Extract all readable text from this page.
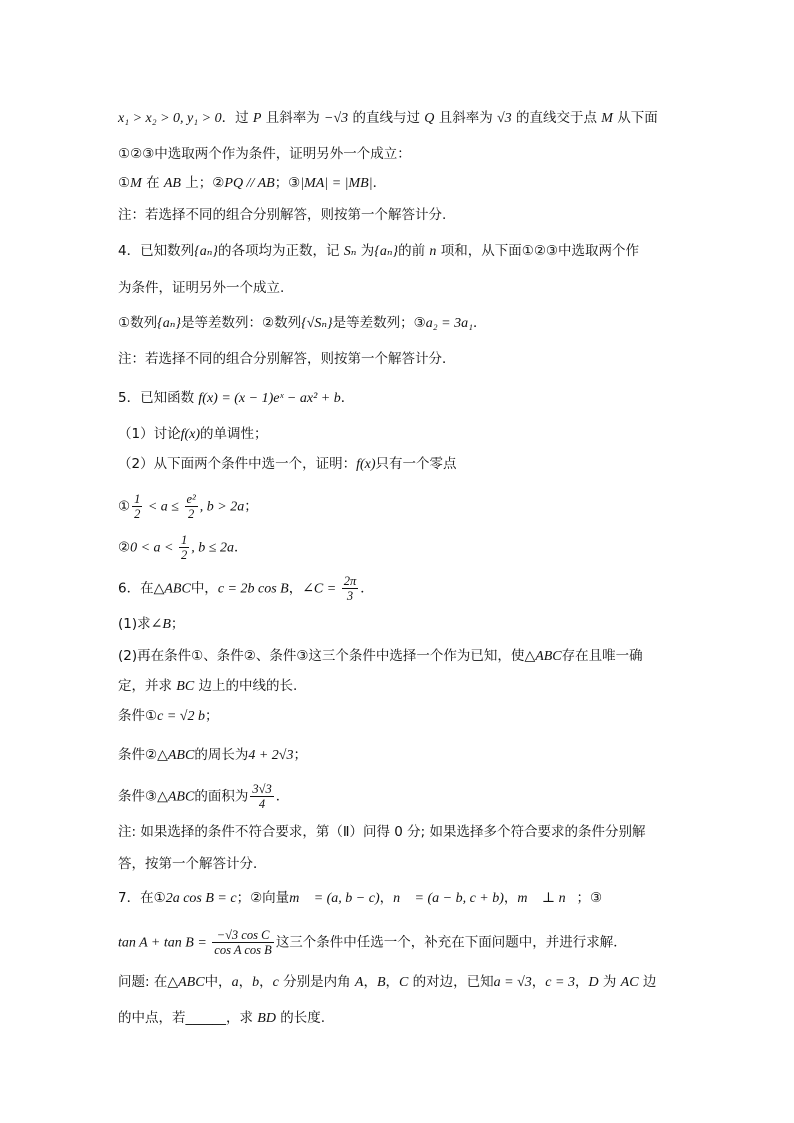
x₁ > x₂ > 0, y₁ > 0．过 P 且斜率为 −√3 的直线与过 Q 且斜率为 √3 的直线交于点 M 从下面
①②③中选取两个作为条件，证明另外一个成立：
①M 在 AB 上；②PQ // AB；③|MA| = |MB|．
注：若选择不同的组合分别解答，则按第一个解答计分.
4．已知数列{aₙ}的各项均为正数，记 Sₙ 为{aₙ}的前 n 项和，从下面①②③中选取两个作
为条件，证明另外一个成立.
①数列{aₙ}是等差数列：②数列{√Sₙ}是等差数列；③a₂ = 3a₁．
注：若选择不同的组合分别解答，则按第一个解答计分．
5．已知函数 f(x) = (x − 1)eˣ − ax² + b．
（1）讨论f(x)的单调性；
（2）从下面两个条件中选一个，证明：f(x)只有一个零点
① $\frac{1}{2} < a \le \frac{\text{e²}}{2}$ , b > 2a；
②0 < $a < \frac{1}{2}$ , b ≤ 2a．
6．在△ABC中，c = 2b cos B，∠C = $\frac{2\pi}{3}$ ．
(1)求∠B；
(2)再在条件①、条件②、条件③这三个条件中选择一个作为已知，使△ABC存在且唯一确
定，并求 BC 边上的中线的长.
条件①c = √2 b；
条件②△ABC的周长为4 + 2√3；
条件③△ABC的面积为 $\frac{3√3}{4}$ ．
注: 如果选择的条件不符合要求，第（Ⅱ）问得 0 分; 如果选择多个符合要求的条件分别解
答，按第一个解答计分．
7．在①2a cos B = c；②向量m⃗ = (a, b − c)，n⃗ = (a − b, c + b)，m⃗ ⊥ n⃗；③
$\tan A + \tan B = \frac{\text{−√3 cos C}}{\text{cos A cos B}}$ 这三个条件中任选一个，补充在下面问题中，并进行求解．
问题: 在△ABC中，a，b，c 分别是内角 A，B，C 的对边，已知a = √3，c = 3，D 为 AC 边
的中点，若______，求 BD 的长度.
